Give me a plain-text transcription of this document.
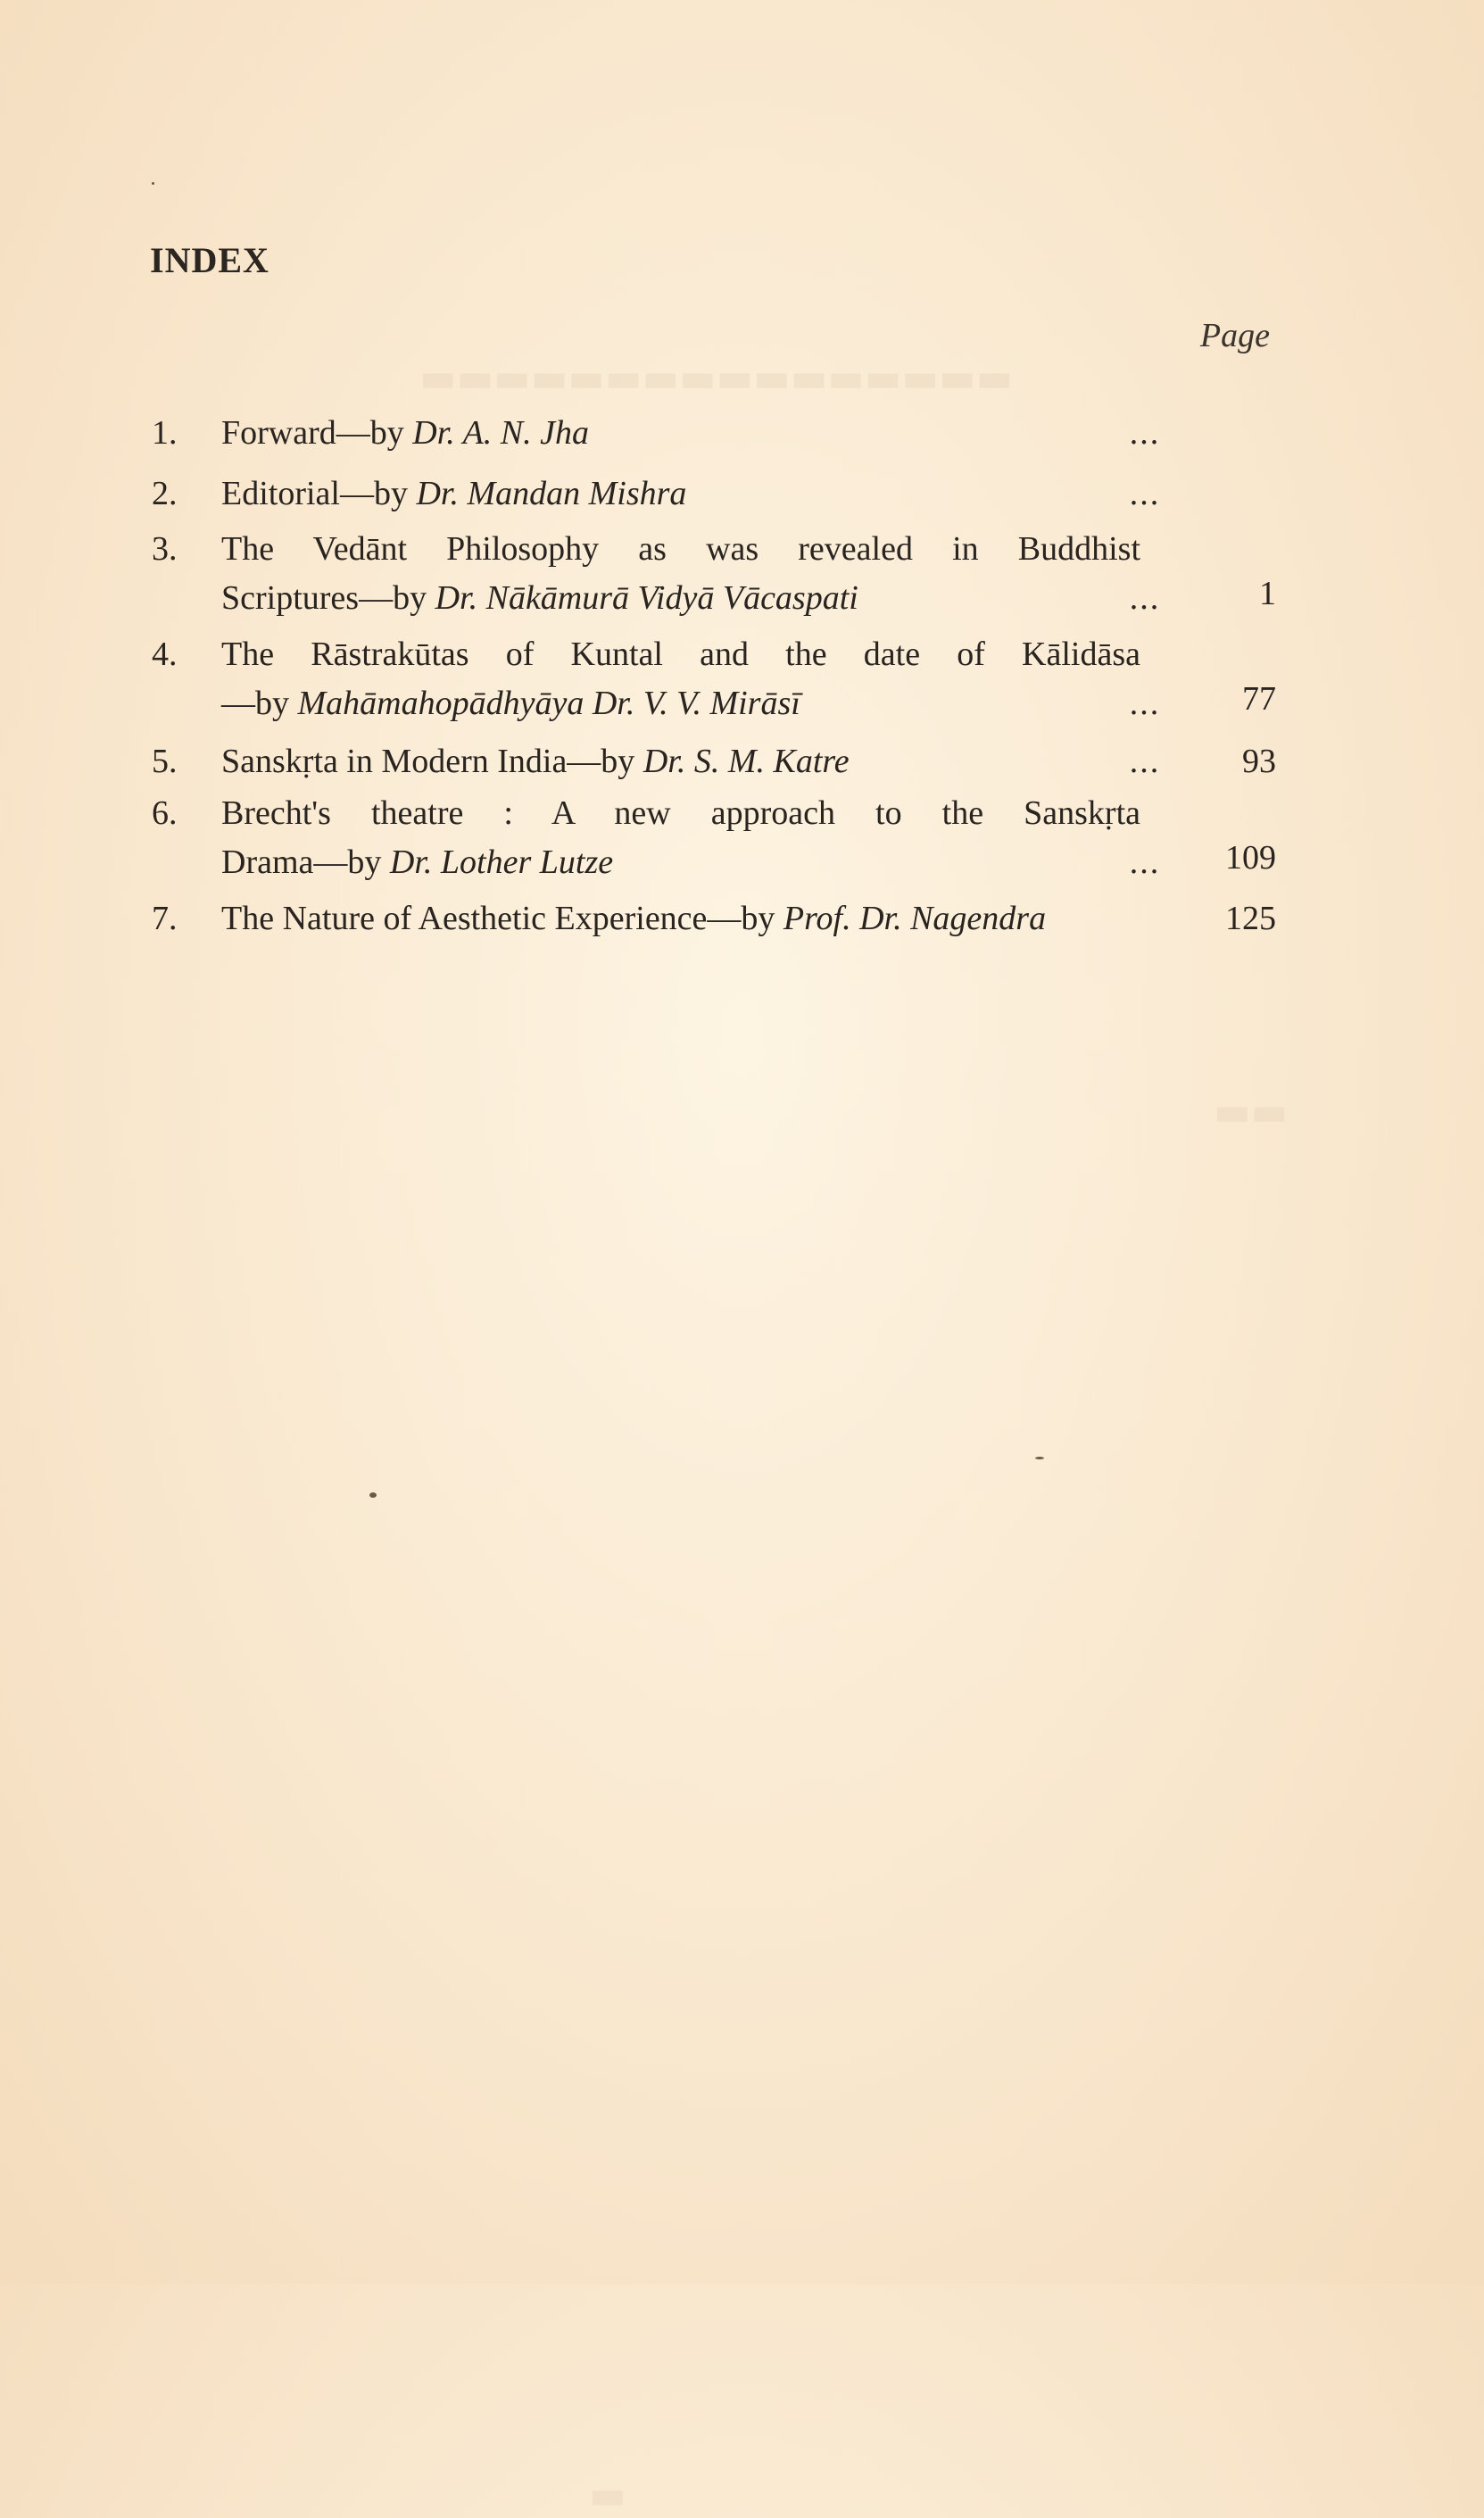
▬▬▬▬▬▬▬▬▬▬▬▬▬▬▬▬
▬▬
▬
INDEX
Page
1.	Forward—by Dr. A. N. Jha	...
2.	Editorial—by Dr. Mandan Mishra	...
3.	The Vedānt Philosophy as was revealed in Buddhist
Scriptures—by Dr. Nākāmurā Vidyā Vācaspati	...	1
4.	The Rāstrakūtas of Kuntal and the date of Kālidāsa
—by Mahāmahopādhyāya Dr. V. V. Mirāsī	...	77
5.	Sanskṛta in Modern India—by Dr. S. M. Katre	...	93
6.	Brecht's theatre : A new approach to the Sanskṛta
Drama—by Dr. Lother Lutze	...	109
7.	The Nature of Aesthetic Experience—by Prof. Dr. Nagendra	125
